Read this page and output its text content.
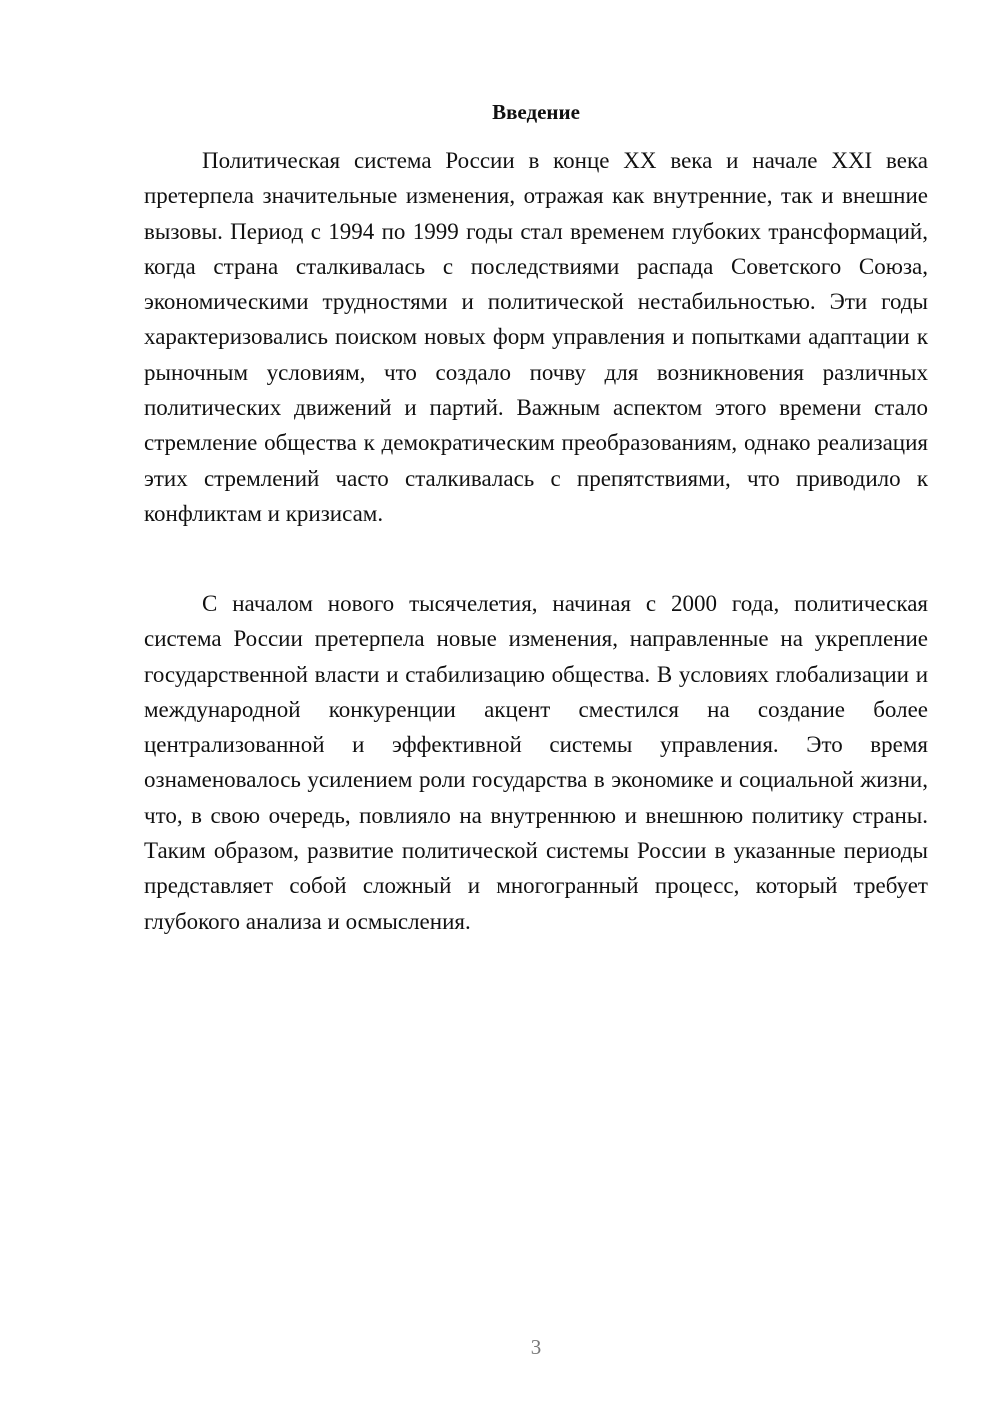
Введение

Политическая система России в конце XX века и начале XXI века претерпела значительные изменения, отражая как внутренние, так и внешние вызовы. Период с 1994 по 1999 годы стал временем глубоких трансформаций, когда страна сталкивалась с последствиями распада Советского Союза, экономическими трудностями и политической нестабильностью. Эти годы характеризовались поиском новых форм управления и попытками адаптации к рыночным условиям, что создало почву для возникновения различных политических движений и партий. Важным аспектом этого времени стало стремление общества к демократическим преобразованиям, однако реализация этих стремлений часто сталкивалась с препятствиями, что приводило к конфликтам и кризисам.

С началом нового тысячелетия, начиная с 2000 года, политическая система России претерпела новые изменения, направленные на укрепление государственной власти и стабилизацию общества. В условиях глобализации и международной конкуренции акцент сместился на создание более централизованной и эффективной системы управления. Это время ознаменовалось усилением роли государства в экономике и социальной жизни, что, в свою очередь, повлияло на внутреннюю и внешнюю политику страны. Таким образом, развитие политической системы России в указанные периоды представляет собой сложный и многогранный процесс, который требует глубокого анализа и осмысления.

3
